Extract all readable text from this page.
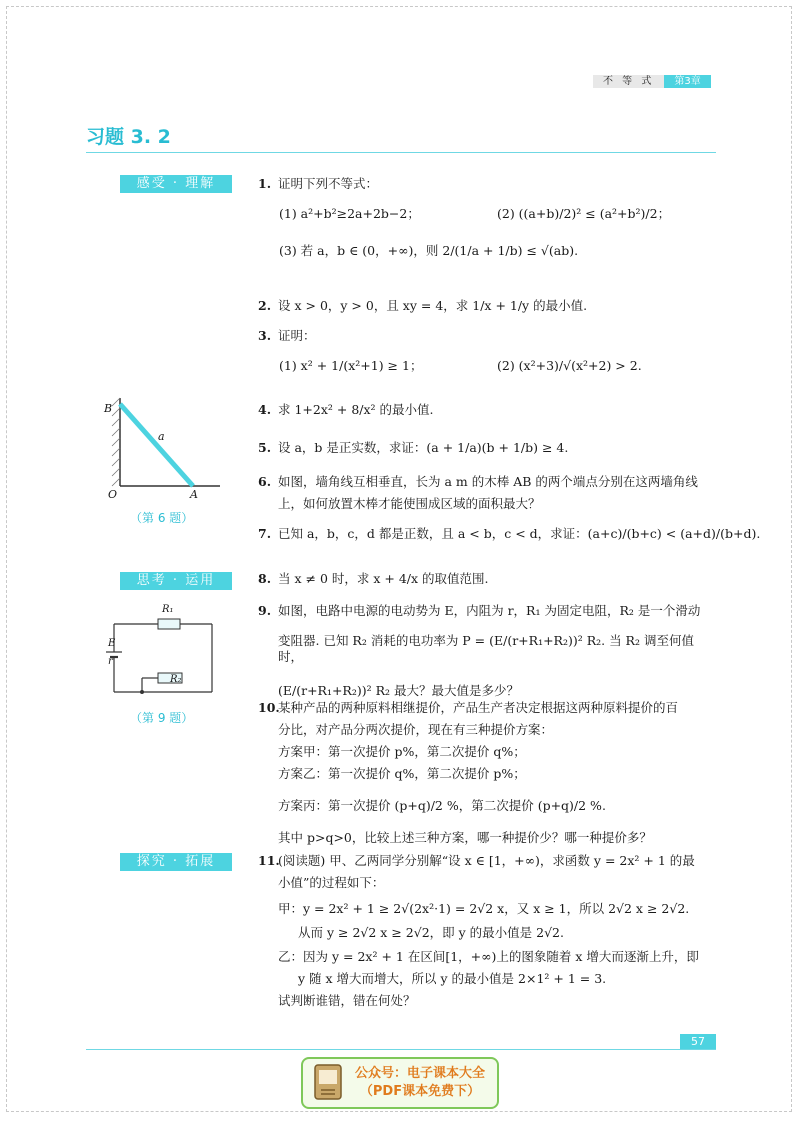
不 等 式	第3章
习题 3. 2
感受 · 理解	1. 证明下列不等式：
(1) a²+b²≥2a+2b−2；	(2) ((a+b)/2)² ≤ (a²+b²)/2；
(3) 若 a，b ∈ (0，+∞)，则 2/(1/a + 1/b) ≤ √(ab).
2. 设 x > 0，y > 0，且 xy = 4，求 1/x + 1/y 的最小值.
3. 证明：
(1) x² + 1/(x²+1) ≥ 1；	(2) (x²+3)/√(x²+2) > 2.
4. 求 1+2x² + 8/x² 的最小值.
5. 设 a，b 是正实数，求证：(a + 1/a)(b + 1/b) ≥ 4.
6. 如图，墙角线互相垂直，长为 a m 的木棒 AB 的两个端点分别在这两墙角线
上，如何放置木棒才能使围成区域的面积最大？
7. 已知 a，b，c，d 都是正数，且 a < b，c < d，求证：(a+c)/(b+c) < (a+d)/(b+d).
B
a
O	A
（第 6 题）
思考 · 运用	8. 当 x ≠ 0 时，求 x + 4/x 的取值范围.
9. 如图，电路中电源的电动势为 E，内阻为 r，R₁ 为固定电阻，R₂ 是一个滑动
变阻器. 已知 R₂ 消耗的电功率为 P = (E/(r+R₁+R₂))² R₂. 当 R₂ 调至何值时，
(E/(r+R₁+R₂))² R₂ 最大？最大值是多少？
R₁
E
r
R₂
（第 9 题）
10.某种产品的两种原料相继提价，产品生产者决定根据这两种原料提价的百
分比，对产品分两次提价，现在有三种提价方案：
方案甲：第一次提价 p%，第二次提价 q%；
方案乙：第一次提价 q%，第二次提价 p%；
方案丙：第一次提价 (p+q)/2 %，第二次提价 (p+q)/2 %.
其中 p>q>0，比较上述三种方案，哪一种提价少？哪一种提价多？
探究 · 拓展	11.(阅读题) 甲、乙两同学分别解“设 x ∈ [1，+∞)，求函数 y = 2x² + 1 的最
小值”的过程如下：
甲：y = 2x² + 1 ≥ 2√(2x²·1) = 2√2 x，又 x ≥ 1，所以 2√2 x ≥ 2√2.
从而 y ≥ 2√2 x ≥ 2√2，即 y 的最小值是 2√2.
乙：因为 y = 2x² + 1 在区间[1，+∞)上的图象随着 x 增大而逐渐上升，即
y 随 x 增大而增大，所以 y 的最小值是 2×1² + 1 = 3.
试判断谁错，错在何处？
57
公众号：电子课本大全
（PDF课本免费下）
